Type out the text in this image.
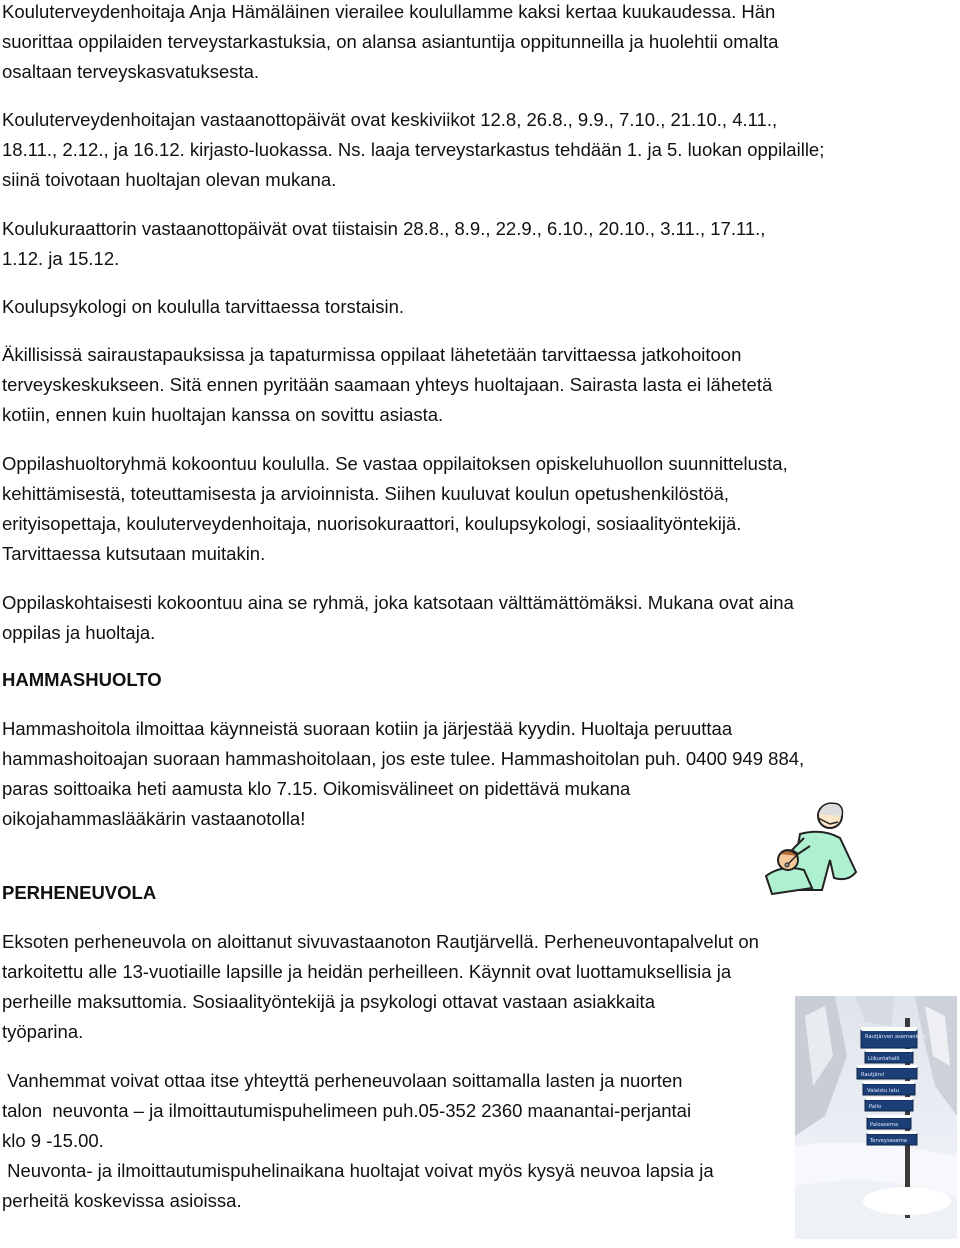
Kouluterveydenhoitaja Anja Hämäläinen vierailee koulullamme kaksi kertaa kuukaudessa. Hän
suorittaa oppilaiden terveystarkastuksia, on alansa asiantuntija oppitunneilla ja huolehtii omalta
osaltaan terveyskasvatuksesta.
Kouluterveydenhoitajan vastaanottopäivät ovat keskiviikot 12.8, 26.8., 9.9., 7.10., 21.10., 4.11.,
18.11., 2.12., ja 16.12. kirjasto-luokassa. Ns. laaja terveystarkastus tehdään 1. ja 5. luokan oppilaille;
siinä toivotaan huoltajan olevan mukana.
Koulukuraattorin vastaanottopäivät ovat tiistaisin 28.8., 8.9., 22.9., 6.10., 20.10., 3.11., 17.11.,
1.12. ja 15.12.
Koulupsykologi on koululla tarvittaessa torstaisin.
Äkillisissä sairaustapauksissa ja tapaturmissa oppilaat lähetetään tarvittaessa jatkohoitoon
terveyskeskukseen. Sitä ennen pyritään saamaan yhteys huoltajaan. Sairasta lasta ei lähetetä
kotiin, ennen kuin huoltajan kanssa on sovittu asiasta.
Oppilashuoltoryhmä kokoontuu koululla. Se vastaa oppilaitoksen opiskeluhuollon suunnittelusta,
kehittämisestä, toteuttamisesta ja arvioinnista. Siihen kuuluvat koulun opetushenkilöstöä,
erityisopettaja, kouluterveydenhoitaja, nuorisokuraattori, koulupsykologi, sosiaalityöntekijä.
Tarvittaessa kutsutaan muitakin.
Oppilaskohtaisesti kokoontuu aina se ryhmä, joka katsotaan välttämättömäksi. Mukana ovat aina
oppilas ja huoltaja.
HAMMASHUOLTO
Hammashoitola ilmoittaa käynneistä suoraan kotiin ja järjestää kyydin. Huoltaja peruuttaa
hammashoitoajan suoraan hammashoitolaan, jos este tulee. Hammashoitolan puh. 0400 949 884,
paras soittoaika heti aamusta klo 7.15. Oikomisvälineet on pidettävä mukana
oikojahammaslääkärin vastaanotolla!
PERHENEUVOLA
Eksoten perheneuvola on aloittanut sivuvastaanoton Rautjärvellä. Perheneuvontapalvelut on
tarkoitettu alle 13-vuotiaille lapsille ja heidän perheilleen. Käynnit ovat luottamuksellisia ja
perheille maksuttomia. Sosiaalityöntekijä ja psykologi ottavat vastaan asiakkaita
työparina.
Vanhemmat voivat ottaa itse yhteyttä perheneuvolaan soittamalla lasten ja nuorten
talon  neuvonta – ja ilmoittautumispuhelimeen puh.05-352 2360 maanantai-perjantai
klo 9 -15.00.
Neuvonta- ja ilmoittautumispuhelinaikana huoltajat voivat myös kysyä neuvoa lapsia ja
perheitä koskevissa asioissa.
Rautjärven asemankylä
Liikuntahalli
Rautjärvi
Valaistu latu
Pallo
Paloasema
Terveysasema
